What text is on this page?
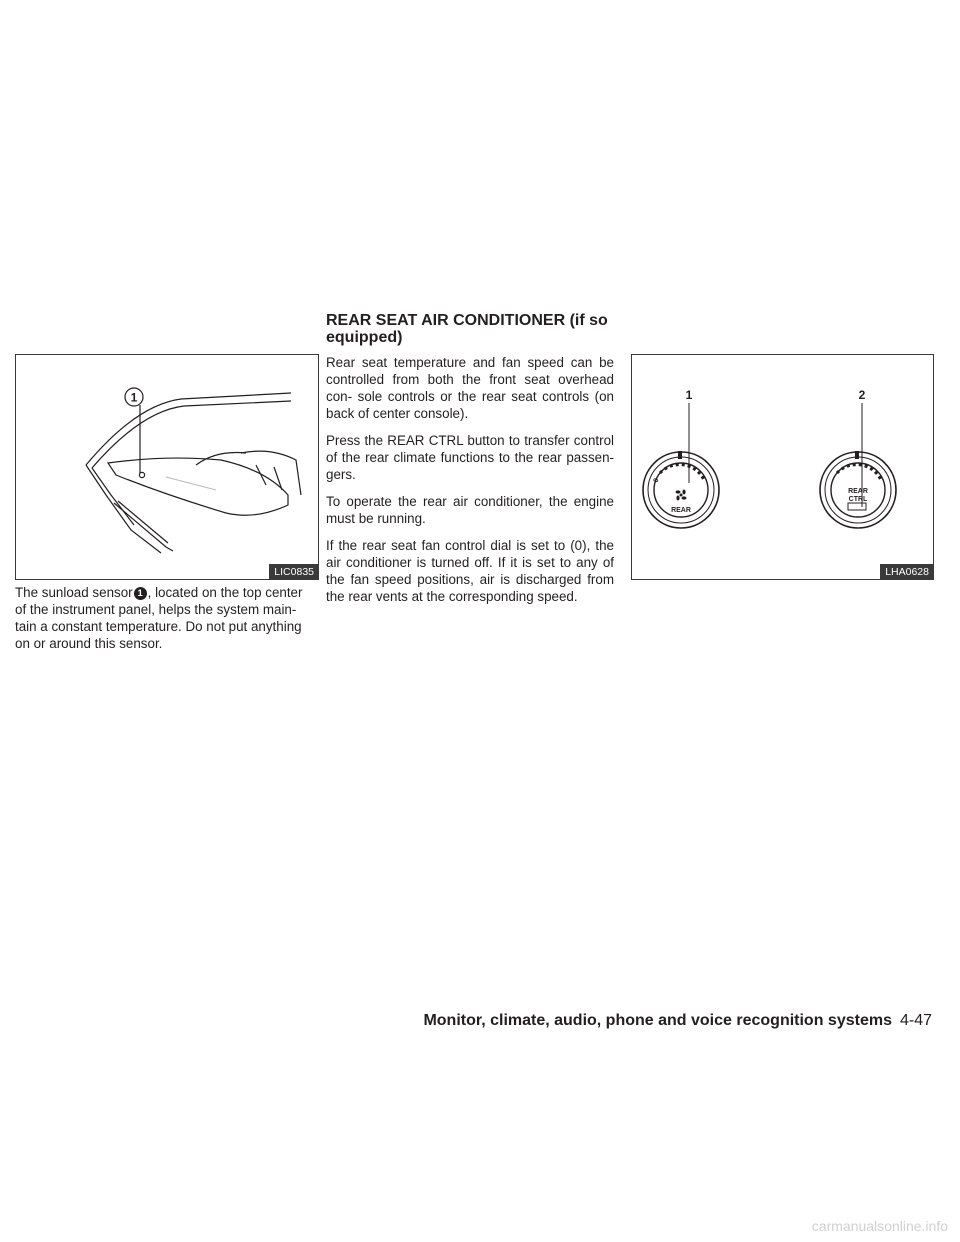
1
LIC0835
The sunload sensor 1 , located on the top center
of the instrument panel, helps the system main-
tain a constant temperature. Do not put anything
on or around this sensor.

REAR SEAT AIR CONDITIONER (if so

equipped)

Rear seat temperature and fan speed can be controlled from both the front seat overhead con- sole controls or the rear seat controls (on back of center console).

Press the REAR CTRL button to transfer control of the rear climate functions to the rear passen- gers.

To operate the rear air conditioner, the engine must be running.

If the rear seat fan control dial is set to (0), the air conditioner is turned off. If it is set to any of the fan speed positions, air is discharged from the rear vents at the corresponding speed.

1	2
0
REAR
REAR
CTRL
LHA0628
Monitor, climate, audio, phone and voice recognition systems 4-47
carmanualsonline.info
